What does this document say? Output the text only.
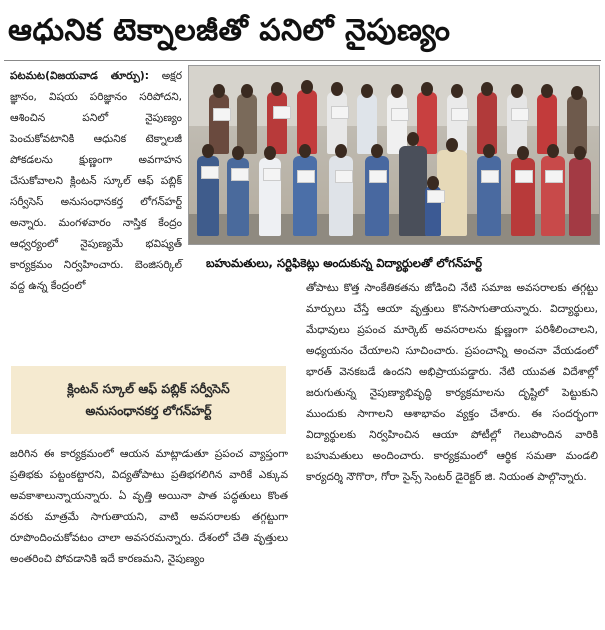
ఆధునిక టెక్నాలజీతో పనిలో నైపుణ్యం
పటమట(విజయవాడ తూర్పు): అక్షర జ్ఞానం, విషయ పరిజ్ఞానం సరిపోదని, ఆశించిన పనిలో నైపుణ్యం పెంచుకోవటానికి ఆధునిక టెక్నాలజీ పోకడలను క్షుణ్ణంగా అవగాహన చేసుకోవాలని క్లింటన్ స్కూల్ ఆఫ్ పబ్లిక్ సర్వీసెస్ అనుసంధానకర్త లోగన్‌హర్ట్ అన్నారు. మంగళవారం నాస్తిక కేంద్రం ఆధ్వర్యంలో నైపుణ్యమే భవిష్యత్ కార్యక్రమం నిర్వహించారు. బెంజిసర్కిల్ వద్ద ఉన్న కేంద్రంలో
బహుమతులు, సర్టిఫికెట్లు అందుకున్న విద్యార్థులతో లోగన్‌హర్ట్
జరిగిన ఈ కార్యక్రమంలో ఆయన మాట్లాడుతూ ప్రపంచ వ్యాప్తంగా ప్రతిభకు పట్టంకట్టారని, విద్యతోపాటు ప్రతిభగలిగిన వారికే ఎక్కువ అవకాశాలున్నాయన్నారు. ఏ వృత్తి అయినా పాత పద్ధతులు కొంత వరకు మాత్రమే సాగుతాయని, వాటి అవసరాలకు తగ్గట్టుగా రూపొందించుకోవటం చాలా అవసరమన్నారు. దేశంలో చేతి వృత్తులు అంతరించి పోవడానికి ఇదే కారణమని, నైపుణ్యం
క్లింటన్ స్కూల్ ఆఫ్ పబ్లిక్ సర్వీసెస్
అనుసంధానకర్త లోగన్‌హర్ట్
తోపాటు కొత్త సాంకేతికతను జోడించి నేటి సమాజ అవసరాలకు తగ్గట్టు మార్పులు చేస్తే ఆయా వృత్తులు కొనసాగుతాయన్నారు. విద్యార్థులు, మేధావులు ప్రపంచ మార్కెట్ అవసరాలను క్షుణ్ణంగా పరిశీలించాలని, అధ్యయనం చేయాలని సూచించారు. ప్రపంచాన్ని అంచనా వేయడంలో భారత్ వెనకబడే ఉందని అభిప్రాయపడ్డారు. నేటి యువత విదేశాల్లో జరుగుతున్న నైపుణ్యాభివృద్ధి కార్యక్రమాలను దృష్టిలో పెట్టుకుని ముందుకు సాగాలని ఆశాభావం వ్యక్తం చేశారు. ఈ సందర్భంగా విద్యార్థులకు నిర్వహించిన ఆయా పోటీల్లో గెలుపొందిన వారికి బహుమతులు అందించారు. కార్యక్రమంలో ఆర్థిక సమతా మండలి కార్యదర్శి నౌగొరా, గోరా సైన్స్ సెంటర్ డైరెక్టర్ జి. నియంత పాల్గొన్నారు.
